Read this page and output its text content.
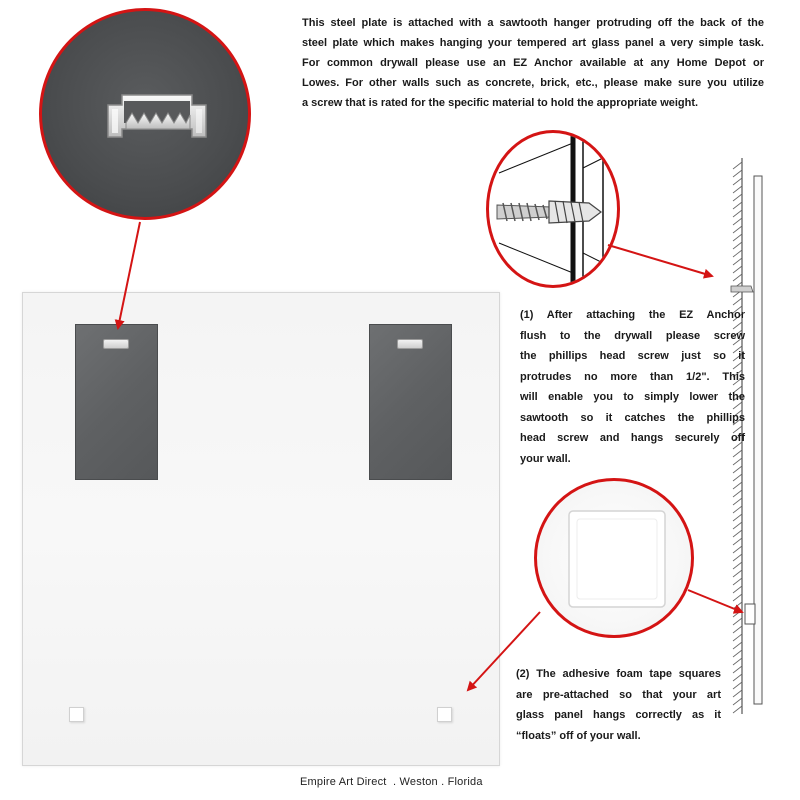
This steel plate is attached with a sawtooth hanger protruding off the back of the
steel plate which makes hanging your tempered art glass panel a very simple task.
For common drywall please use an EZ Anchor available at any Home Depot or
Lowes. For other walls such as concrete, brick, etc., please make sure you utilize
a screw that is rated for the specific material to hold the appropriate weight.
(1) After attaching the EZ Anchor
flush to the drywall please screw
the phillips head screw just so it
protrudes no more than 1/2". This
will enable you to simply lower the
sawtooth so it catches the phillips
head screw and hangs securely off
your wall.
(2) The adhesive foam tape squares
are pre-attached so that your art
glass panel hangs correctly as it
“floats” off of your wall.
Empire Art Direct  . Weston . Florida
